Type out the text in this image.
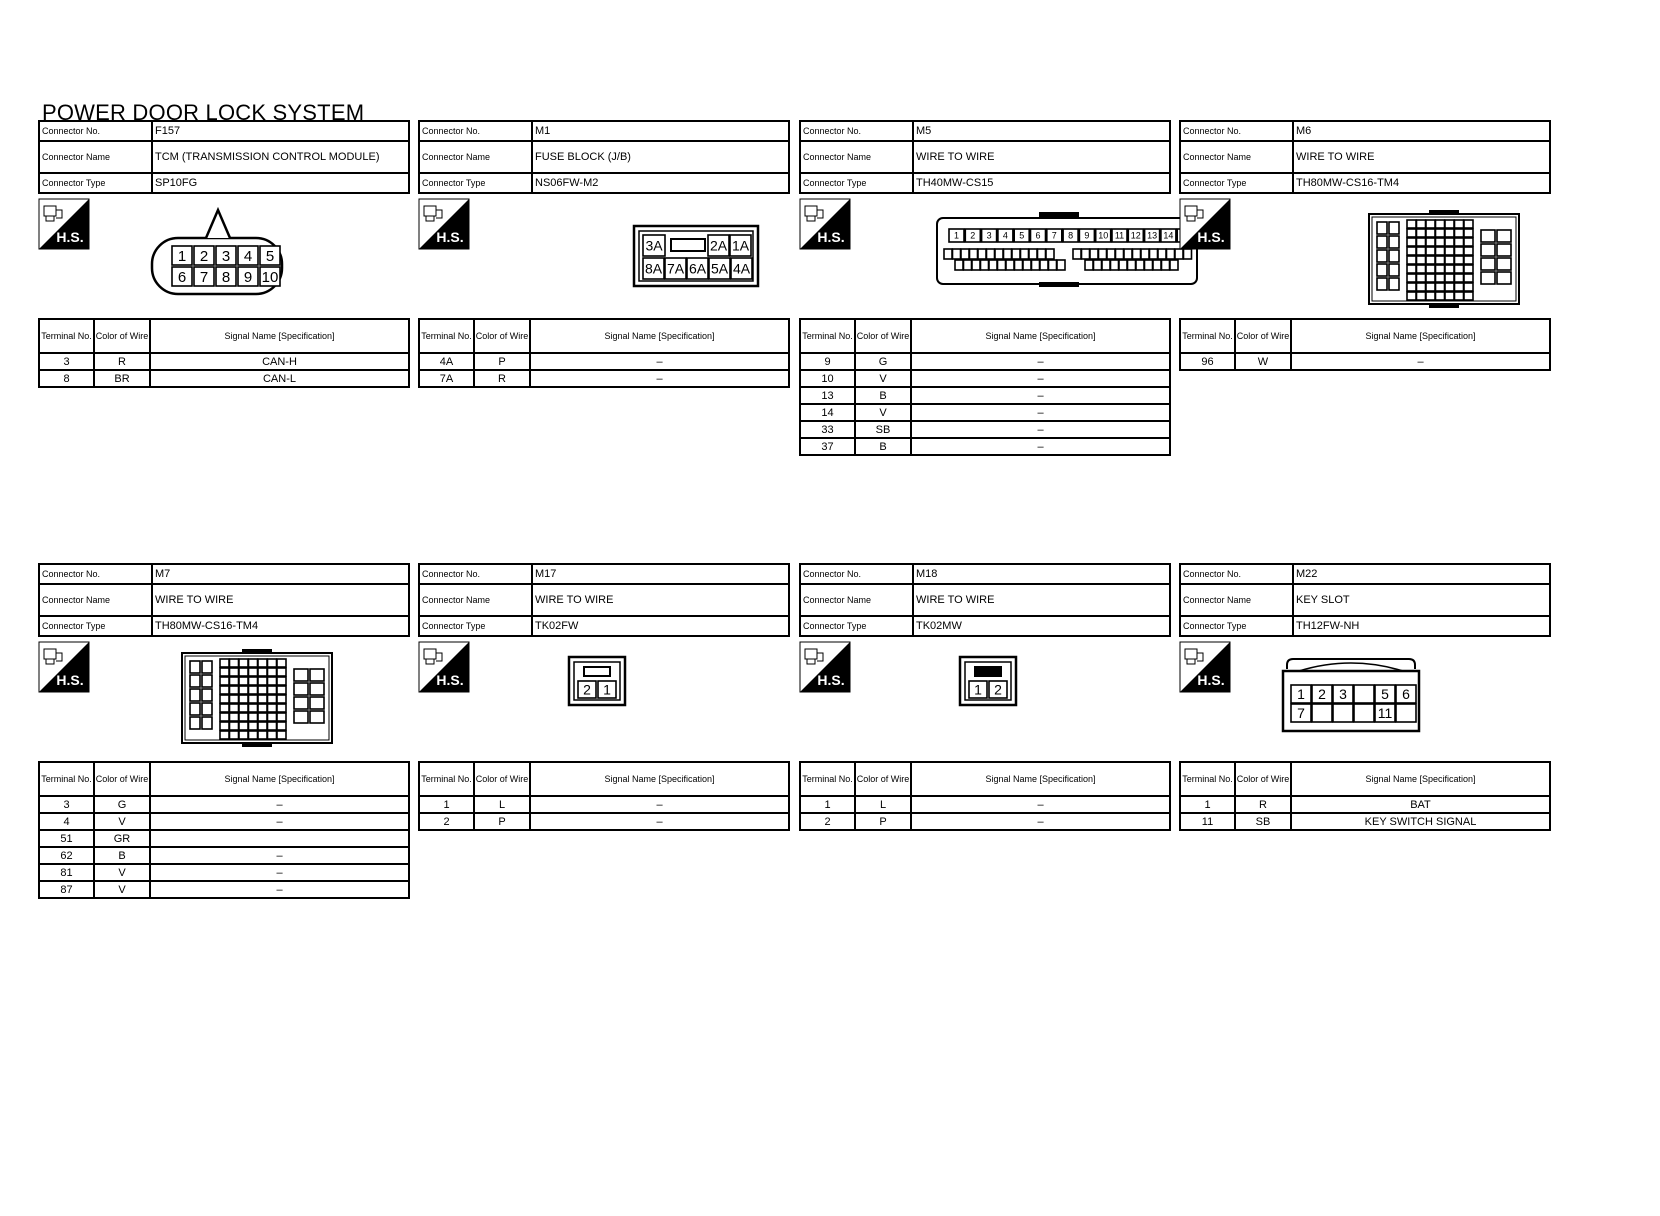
POWER DOOR LOCK SYSTEM
Connector No.	F157
Connector Name	TCM (TRANSMISSION CONTROL MODULE)
Connector Type	SP10FG
H.S.
1 2 3 4 5
6 7 8 9 10
Terminal No.	Color of Wire	Signal Name [Specification]
3	R	CAN-H
8	BR	CAN-L
Connector No.	M1
Connector Name	FUSE BLOCK (J/B)
Connector Type	NS06FW-M2
H.S.
3A	2A 1A
8A 7A 6A 5A 4A
Terminal No.	Color of Wire	Signal Name [Specification]
4A	P	–
7A	R	–
Connector No.	M5
Connector Name	WIRE TO WIRE
Connector Type	TH40MW-CS15
H.S.	1 2 3 4 5 6 7 8 9 10 11 12 13 14
Terminal No.	Color of Wire	Signal Name [Specification]
9	G	–
10	V	–
13	B	–
14	V	–
33	SB	–
37	B	–
Connector No.	M6
Connector Name	WIRE TO WIRE
Connector Type	TH80MW-CS16-TM4
H.S.
Terminal No.	Color of Wire	Signal Name [Specification]
96	W	–
Connector No.	M7
Connector Name	WIRE TO WIRE
Connector Type	TH80MW-CS16-TM4
H.S.
Terminal No.	Color of Wire	Signal Name [Specification]
3	G	–
4	V	–
51	GR	
62	B	–
81	V	–
87	V	–
Connector No.	M17
Connector Name	WIRE TO WIRE
Connector Type	TK02FW
H.S.
2 1
Terminal No.	Color of Wire	Signal Name [Specification]
1	L	–
2	P	–
Connector No.	M18
Connector Name	WIRE TO WIRE
Connector Type	TK02MW
H.S.
1 2
Terminal No.	Color of Wire	Signal Name [Specification]
1	L	–
2	P	–
Connector No.	M22
Connector Name	KEY SLOT
Connector Type	TH12FW-NH
H.S.
1 2 3 5 6
7	11
Terminal No.	Color of Wire	Signal Name [Specification]
1	R	BAT
11	SB	KEY SWITCH SIGNAL
